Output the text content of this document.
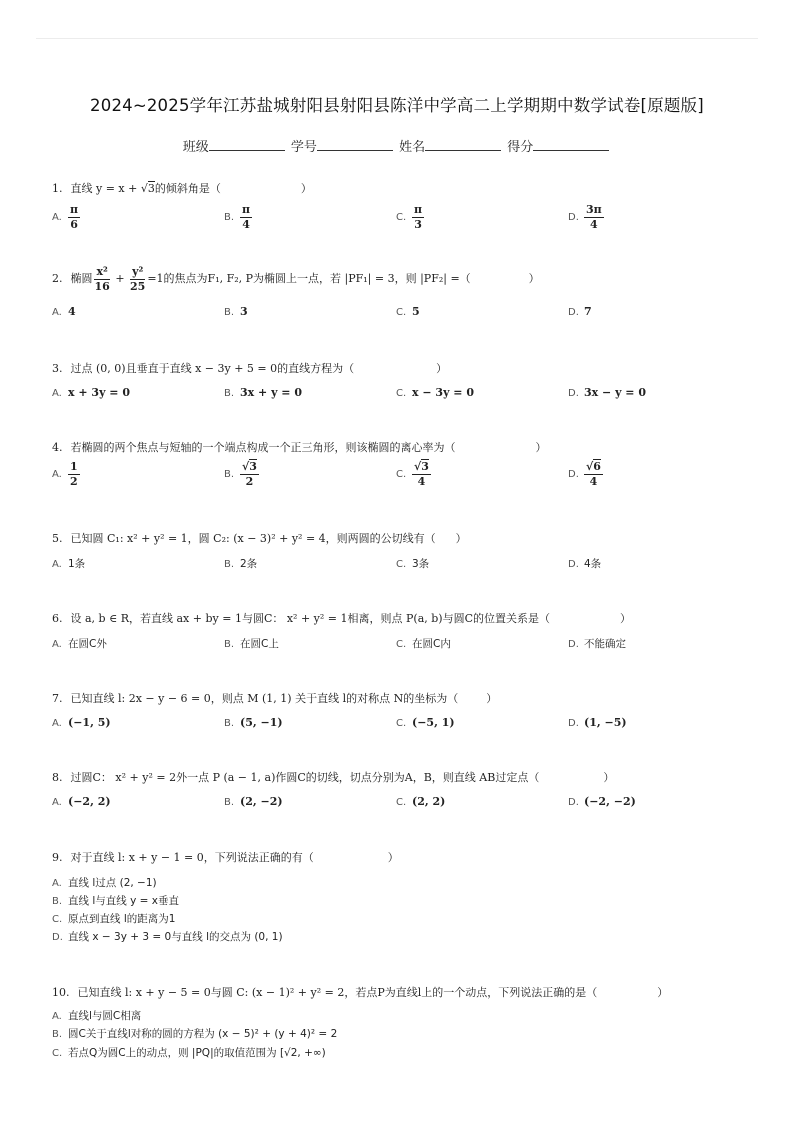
2024~2025学年江苏盐城射阳县射阳县陈洋中学高二上学期期中数学试卷[原题版]
班级	学号	姓名	得分
1. 直线 y = x + √3的倾斜角是（	）
A. $\frac{\pi}{6}$	B. $\frac{\pi}{4}$	C. $\frac{\pi}{3}$	D. $\frac{3\pi}{4}$
2. 椭圆 $\frac{\text{x²}}{16} + \frac{\text{y²}}{25} =1$的焦点为F₁, F₂, P为椭圆上一点，若 |PF₁| = 3，则 |PF₂| =（	）
A. 4	B. 3	C. 5	D. 7
3. 过点 (0, 0)且垂直于直线 x − 3y + 5 = 0的直线方程为（	）
A. x + 3y = 0	B. 3x + y = 0	C. x − 3y = 0	D. 3x − y = 0
4. 若椭圆的两个焦点与短轴的一个端点构成一个正三角形，则该椭圆的离心率为（	）
A. $\frac{1}{2}$	B. $\frac{√3}{2}$	C. $\frac{√3}{4}$	D. $\frac{√6}{4}$
5. 已知圆 C₁: x² + y² = 1，圆 C₂: (x − 3)² + y² = 4，则两圆的公切线有（ ）
A. 1条	B. 2条	C. 3条	D. 4条
6. 设 a, b ∈ R，若直线 ax + by = 1与圆C： x² + y² = 1相离，则点 P(a, b)与圆C的位置关系是（	）
A. 在圆C外	B. 在圆C上	C. 在圆C内	D. 不能确定
7. 已知直线 l: 2x − y − 6 = 0，则点 M (1, 1) 关于直线 l的对称点 N的坐标为（	）
A. (−1, 5)	B. (5, −1)	C. (−5, 1)	D. (1, −5)
8. 过圆C： x² + y² = 2外一点 P (a − 1, a)作圆C的切线，切点分别为A，B，则直线 AB过定点（	）
A. (−2, 2)	B. (2, −2)	C. (2, 2)	D. (−2, −2)
9. 对于直线 l: x + y − 1 = 0，下列说法正确的有（	）
A. 直线 l过点 (2, −1)
B. 直线 l与直线 y = x垂直
C. 原点到直线 l的距离为1
D. 直线 x − 3y + 3 = 0与直线 l的交点为 (0, 1)
10. 已知直线 l: x + y − 5 = 0与圆 C: (x − 1)² + y² = 2，若点P为直线l上的一个动点，下列说法正确的是（	）
A. 直线l与圆C相离
B. 圆C关于直线l对称的圆的方程为 (x − 5)² + (y + 4)² = 2
C. 若点Q为圆C上的动点，则 |PQ|的取值范围为 [√2, +∞)
